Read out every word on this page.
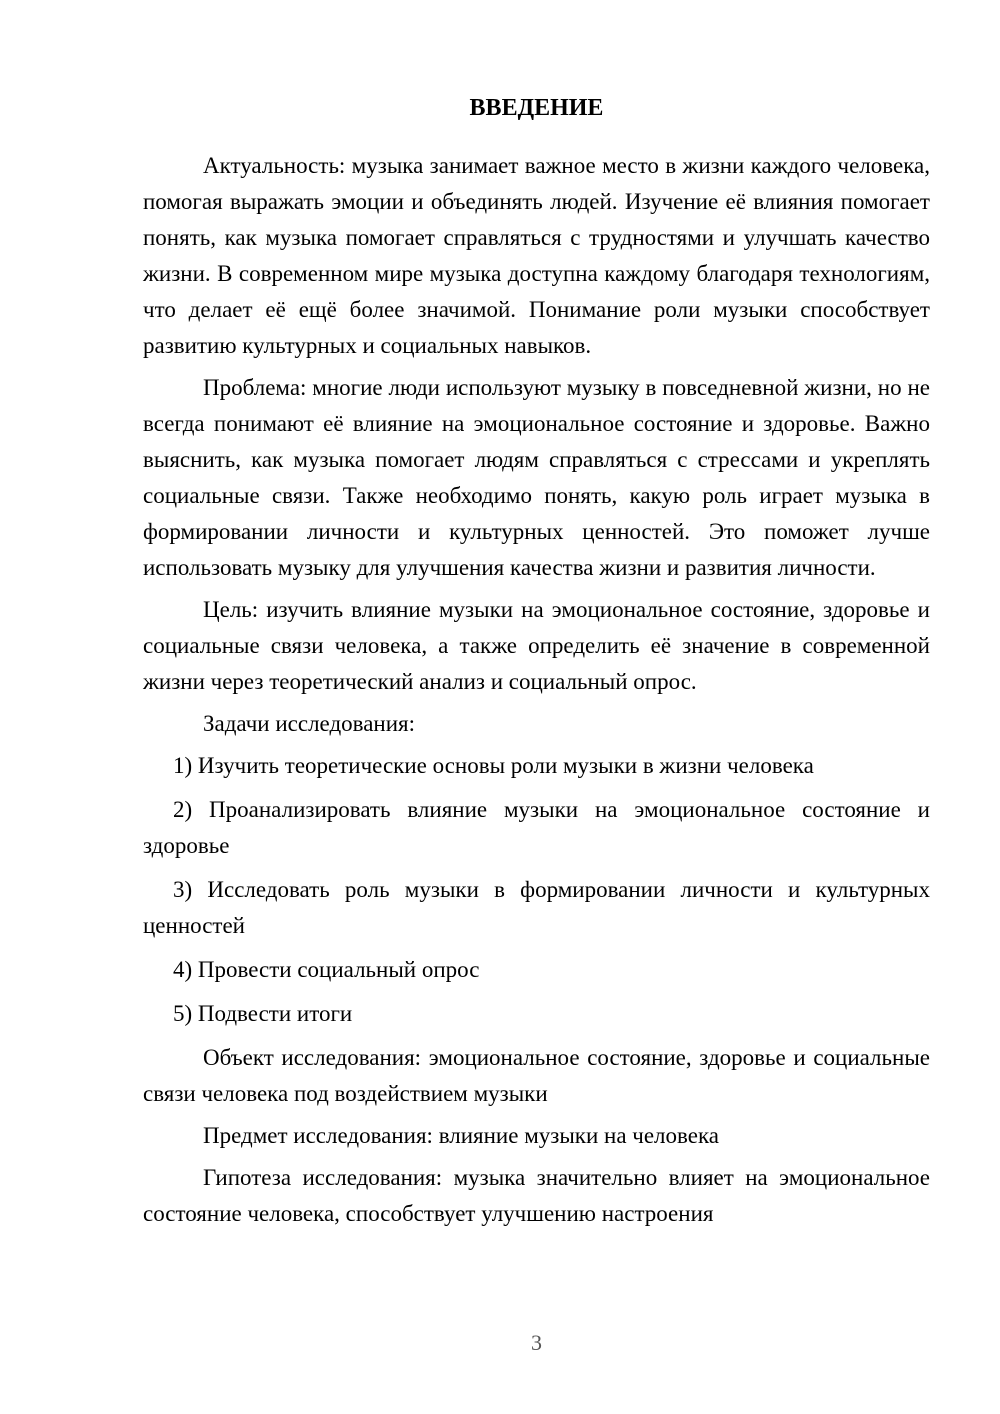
ВВЕДЕНИЕ

Актуальность: музыка занимает важное место в жизни каждого человека, помогая выражать эмоции и объединять людей. Изучение её влияния помогает понять, как музыка помогает справляться с трудностями и улучшать качество жизни. В современном мире музыка доступна каждому благодаря технологиям, что делает её ещё более значимой. Понимание роли музыки способствует развитию культурных и социальных навыков.

Проблема: многие люди используют музыку в повседневной жизни, но не всегда понимают её влияние на эмоциональное состояние и здоровье. Важно выяснить, как музыка помогает людям справляться с стрессами и укреплять социальные связи. Также необходимо понять, какую роль играет музыка в формировании личности и культурных ценностей. Это поможет лучше использовать музыку для улучшения качества жизни и развития личности.

Цель: изучить влияние музыки на эмоциональное состояние, здоровье и социальные связи человека, а также определить её значение в современной жизни через теоретический анализ и социальный опрос.

Задачи исследования:

1) Изучить теоретические основы роли музыки в жизни человека

2) Проанализировать влияние музыки на эмоциональное состояние и здоровье

3) Исследовать роль музыки в формировании личности и культурных ценностей

4) Провести социальный опрос

5) Подвести итоги

Объект исследования: эмоциональное состояние, здоровье и социальные связи человека под воздействием музыки

Предмет исследования: влияние музыки на человека

Гипотеза исследования: музыка значительно влияет на эмоциональное состояние человека, способствует улучшению настроения

3
